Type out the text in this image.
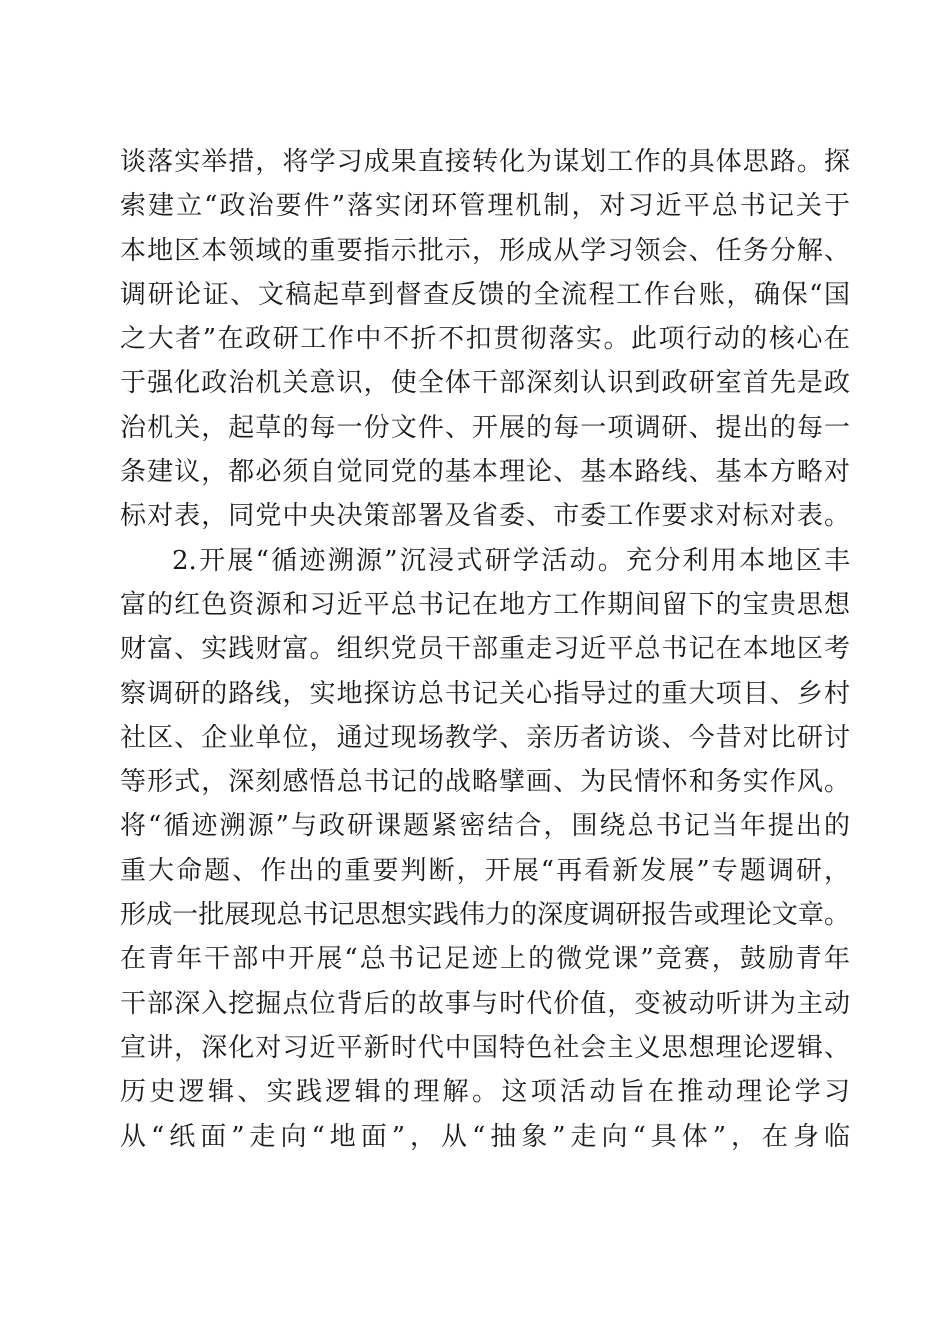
谈落实举措，将学习成果直接转化为谋划工作的具体思路。探
索建立“政治要件”落实闭环管理机制，对习近平总书记关于
本地区本领域的重要指示批示，形成从学习领会、任务分解、
调研论证、文稿起草到督查反馈的全流程工作台账，确保“国
之大者”在政研工作中不折不扣贯彻落实。此项行动的核心在
于强化政治机关意识，使全体干部深刻认识到政研室首先是政
治机关，起草的每一份文件、开展的每一项调研、提出的每一
条建议，都必须自觉同党的基本理论、基本路线、基本方略对
标对表，同党中央决策部署及省委、市委工作要求对标对表。
2.开展“循迹溯源”沉浸式研学活动。充分利用本地区丰
富的红色资源和习近平总书记在地方工作期间留下的宝贵思想
财富、实践财富。组织党员干部重走习近平总书记在本地区考
察调研的路线，实地探访总书记关心指导过的重大项目、乡村
社区、企业单位，通过现场教学、亲历者访谈、今昔对比研讨
等形式，深刻感悟总书记的战略擘画、为民情怀和务实作风。
将“循迹溯源”与政研课题紧密结合，围绕总书记当年提出的
重大命题、作出的重要判断，开展“再看新发展”专题调研，
形成一批展现总书记思想实践伟力的深度调研报告或理论文章。
在青年干部中开展“总书记足迹上的微党课”竞赛，鼓励青年
干部深入挖掘点位背后的故事与时代价值，变被动听讲为主动
宣讲，深化对习近平新时代中国特色社会主义思想理论逻辑、
历史逻辑、实践逻辑的理解。这项活动旨在推动理论学习
从“纸面”走向“地面”，从“抽象”走向“具体”，在身临
